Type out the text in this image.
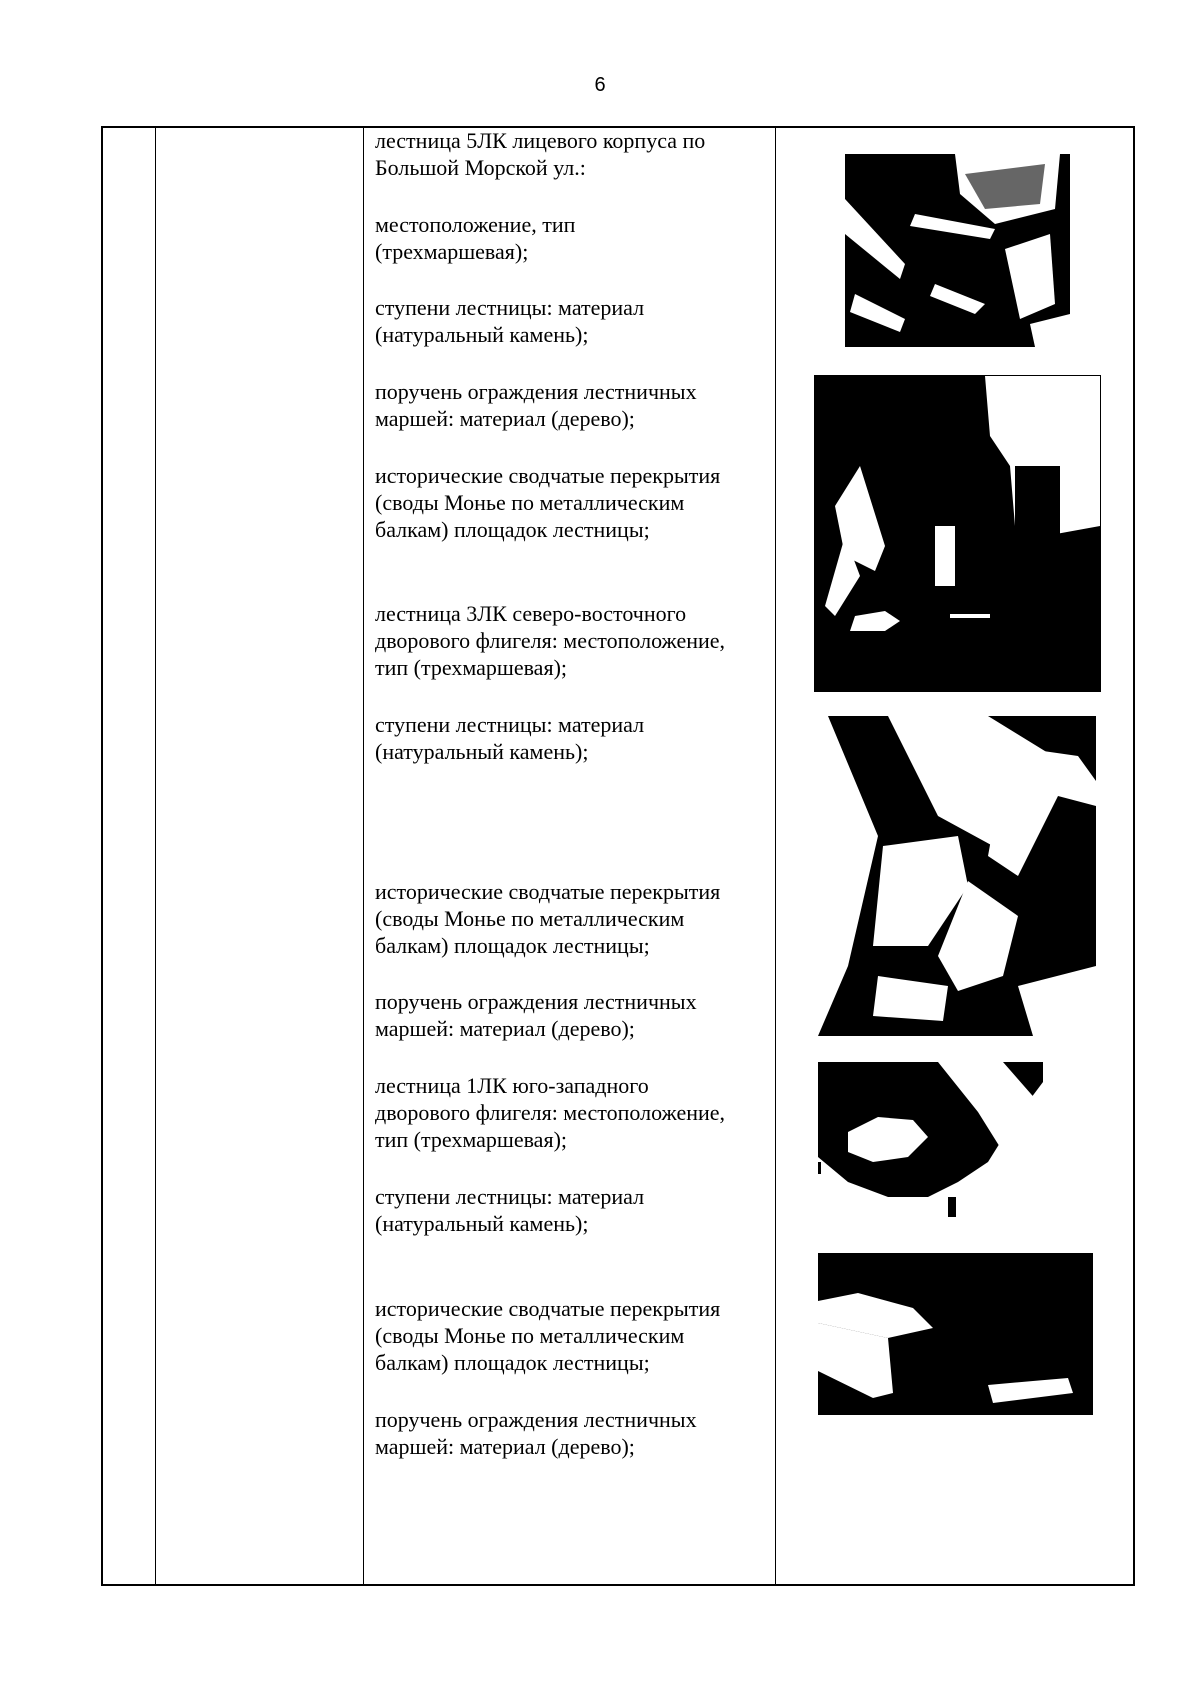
6
лестница 5ЛК лицевого корпуса по
Большой Морской ул.:
местоположение, тип
(трехмаршевая);
ступени лестницы: материал
(натуральный камень);
поручень ограждения лестничных
маршей: материал (дерево);
исторические сводчатые перекрытия
(своды Монье по металлическим
балкам) площадок лестницы;
лестница 3ЛК северо-восточного
дворового флигеля: местоположение,
тип (трехмаршевая);
ступени лестницы: материал
(натуральный камень);
исторические сводчатые перекрытия
(своды Монье по металлическим
балкам) площадок лестницы;
поручень ограждения лестничных
маршей: материал (дерево);
лестница 1ЛК юго-западного
дворового флигеля: местоположение,
тип (трехмаршевая);
ступени лестницы: материал
(натуральный камень);
исторические сводчатые перекрытия
(своды Монье по металлическим
балкам) площадок лестницы;
поручень ограждения лестничных
маршей: материал (дерево);
